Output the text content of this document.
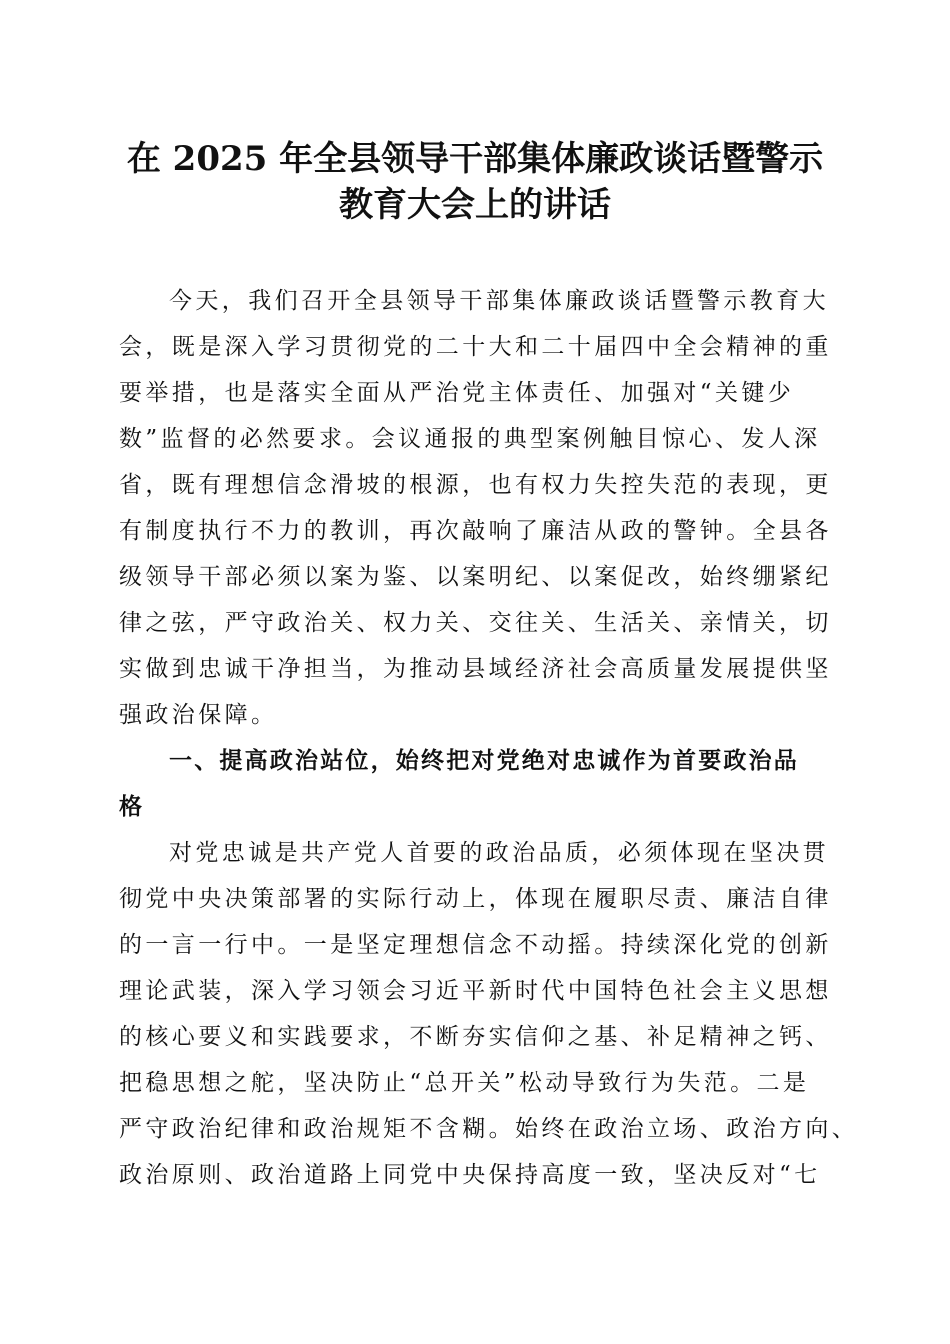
在 2025 年全县领导干部集体廉政谈话暨警示
教育大会上的讲话

今天，我们召开全县领导干部集体廉政谈话暨警示教育大
会，既是深入学习贯彻党的二十大和二十届四中全会精神的重
要举措，也是落实全面从严治党主体责任、加强对“关键少
数”监督的必然要求。会议通报的典型案例触目惊心、发人深
省，既有理想信念滑坡的根源，也有权力失控失范的表现，更
有制度执行不力的教训，再次敲响了廉洁从政的警钟。全县各
级领导干部必须以案为鉴、以案明纪、以案促改，始终绷紧纪
律之弦，严守政治关、权力关、交往关、生活关、亲情关，切
实做到忠诚干净担当，为推动县域经济社会高质量发展提供坚
强政治保障。

一、提高政治站位，始终把对党绝对忠诚作为首要政治品
格

对党忠诚是共产党人首要的政治品质，必须体现在坚决贯
彻党中央决策部署的实际行动上，体现在履职尽责、廉洁自律
的一言一行中。一是坚定理想信念不动摇。持续深化党的创新
理论武装，深入学习领会习近平新时代中国特色社会主义思想
的核心要义和实践要求，不断夯实信仰之基、补足精神之钙、
把稳思想之舵，坚决防止“总开关”松动导致行为失范。二是
严守政治纪律和政治规矩不含糊。始终在政治立场、政治方向、
政治原则、政治道路上同党中央保持高度一致，坚决反对“七
